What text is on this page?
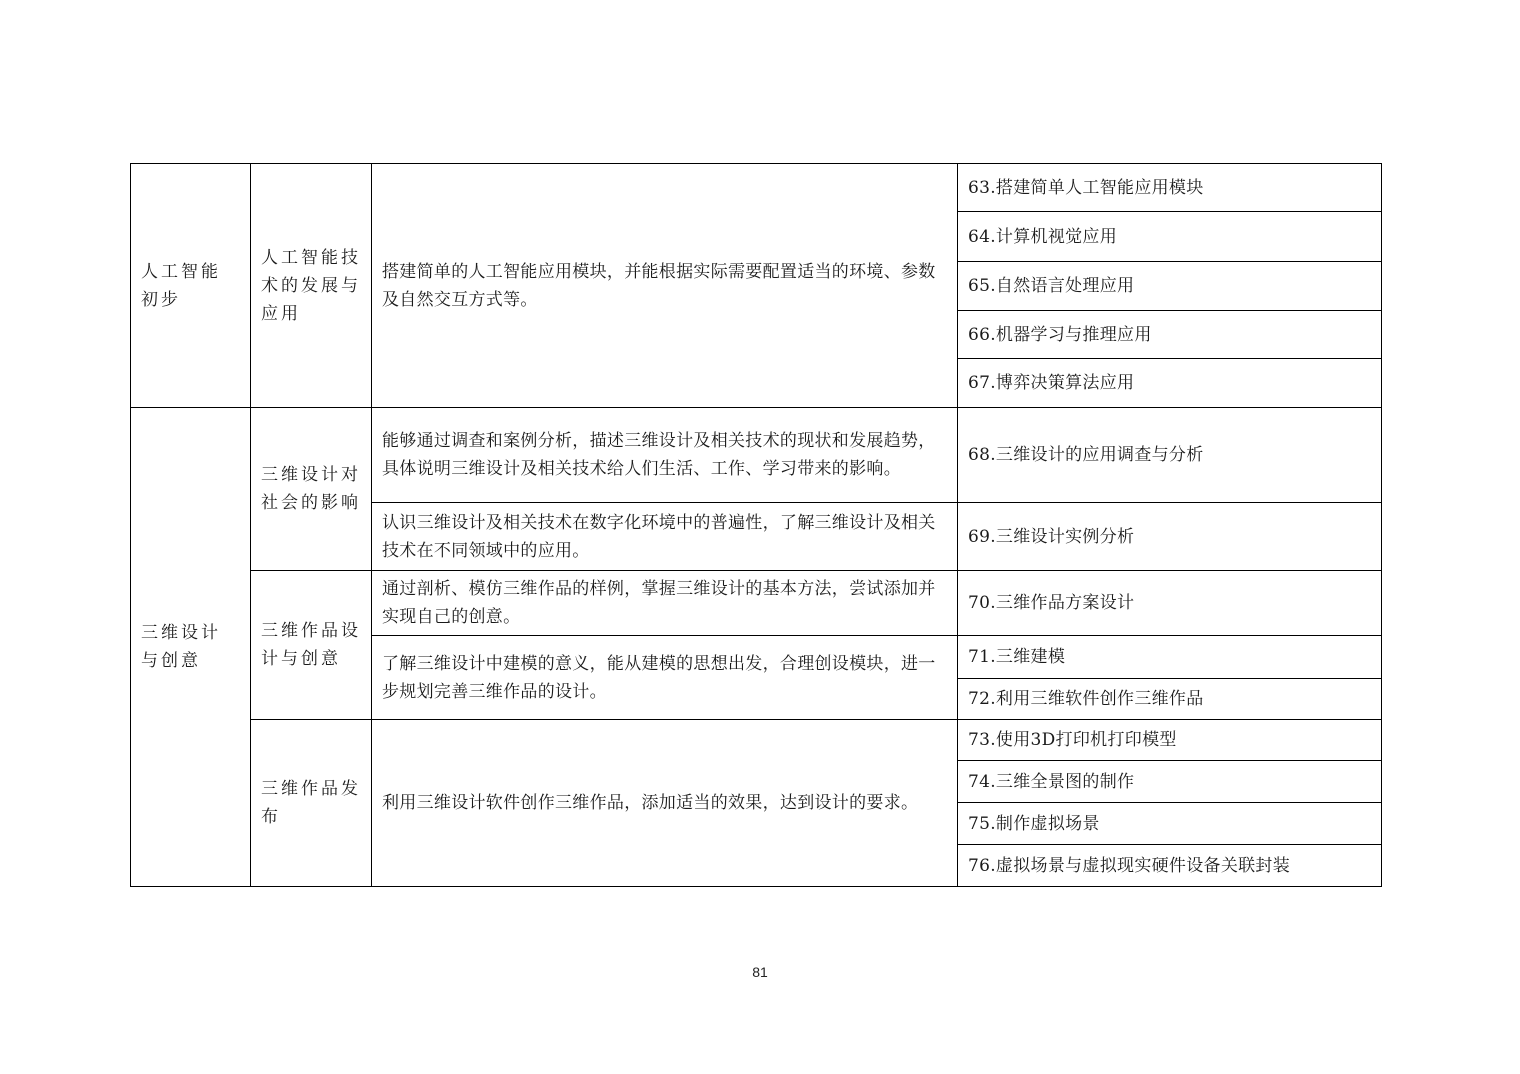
人工智能初步	人工智能技术的发展与应用	搭建简单的人工智能应用模块，并能根据实际需要配置适当的环境、参数及自然交互方式等。	63.搭建简单人工智能应用模块
			64.计算机视觉应用
			65.自然语言处理应用
			66.机器学习与推理应用
			67.博弈决策算法应用
三维设计与创意	三维设计对社会的影响	能够通过调查和案例分析，描述三维设计及相关技术的现状和发展趋势，具体说明三维设计及相关技术给人们生活、工作、学习带来的影响。	68.三维设计的应用调查与分析
		认识三维设计及相关技术在数字化环境中的普遍性，了解三维设计及相关技术在不同领域中的应用。	69.三维设计实例分析
	三维作品设计与创意	通过剖析、模仿三维作品的样例，掌握三维设计的基本方法，尝试添加并实现自己的创意。	70.三维作品方案设计
		了解三维设计中建模的意义，能从建模的思想出发，合理创设模块，进一步规划完善三维作品的设计。	71.三维建模
			72.利用三维软件创作三维作品
	三维作品发布	利用三维设计软件创作三维作品，添加适当的效果，达到设计的要求。	73.使用3D打印机打印模型
			74.三维全景图的制作
			75.制作虚拟场景
			76.虚拟场景与虚拟现实硬件设备关联封装
81
